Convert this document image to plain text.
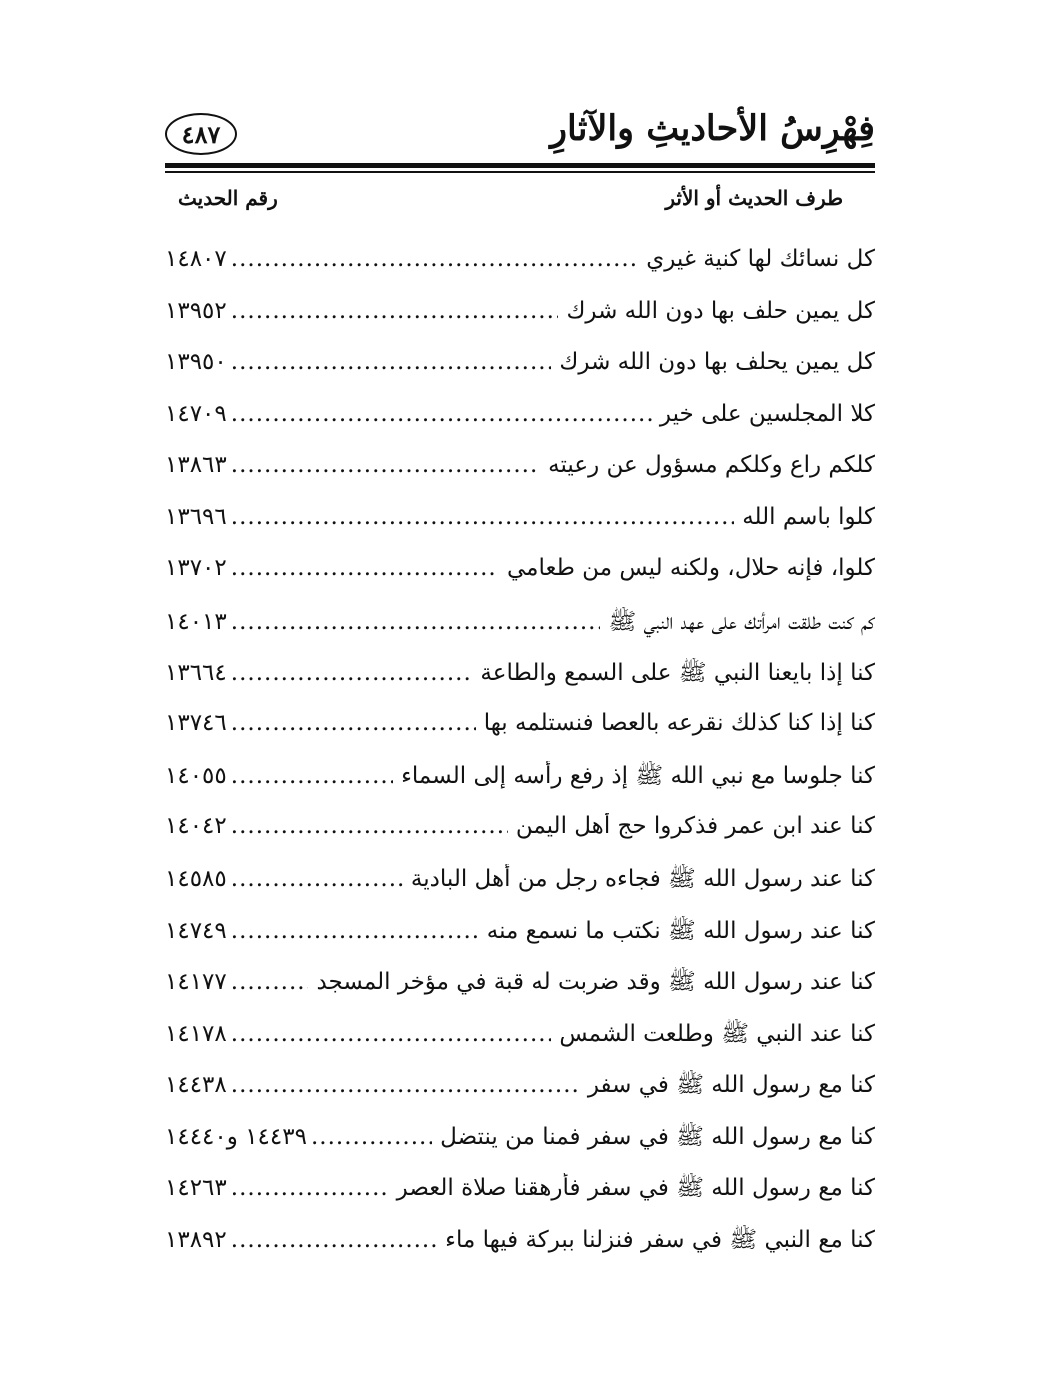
فِهْرِسُ الأحاديثِ والآثارِ
٤٨٧
طرف الحديث أو الأثر
رقم الحديث
كل نسائك لها كنية غيري
.....
١٤٨٠٧
كل يمين حلف بها دون الله شرك
.....
١٣٩٥٢
كل يمين يحلف بها دون الله شرك
.....
١٣٩٥٠
كلا المجلسين على خير
.....
١٤٧٠٩
كلكم راع وكلكم مسؤول عن رعيته
.....
١٣٨٦٣
كلوا باسم الله
.....
١٣٦٩٦
كلوا، فإنه حلال، ولكنه ليس من طعامي
.....
١٣٧٠٢
كم كنت طلقت امرأتك على عهد النبي ﷺ
.....
١٤٠١٣
كنا إذا بايعنا النبي ﷺ على السمع والطاعة
.....
١٣٦٦٤
كنا إذا كنا كذلك نقرعه بالعصا فنستلمه بها
.....
١٣٧٤٦
كنا جلوسا مع نبي الله ﷺ إذ رفع رأسه إلى السماء
.....
١٤٠٥٥
كنا عند ابن عمر فذكروا حج أهل اليمن
.....
١٤٠٤٢
كنا عند رسول الله ﷺ فجاءه رجل من أهل البادية
.....
١٤٥٨٥
كنا عند رسول الله ﷺ نكتب ما نسمع منه
.....
١٤٧٤٩
كنا عند رسول الله ﷺ وقد ضربت له قبة في مؤخر المسجد
.....
١٤١٧٧
كنا عند النبي ﷺ وطلعت الشمس
.....
١٤١٧٨
كنا مع رسول الله ﷺ في سفر
.....
١٤٤٣٨
كنا مع رسول الله ﷺ في سفر فمنا من ينتضل
.....
١٤٤٣٩ و١٤٤٤٠
كنا مع رسول الله ﷺ في سفر فأرهقنا صلاة العصر
.....
١٤٢٦٣
كنا مع النبي ﷺ في سفر فنزلنا ببركة فيها ماء
.....
١٣٨٩٢
